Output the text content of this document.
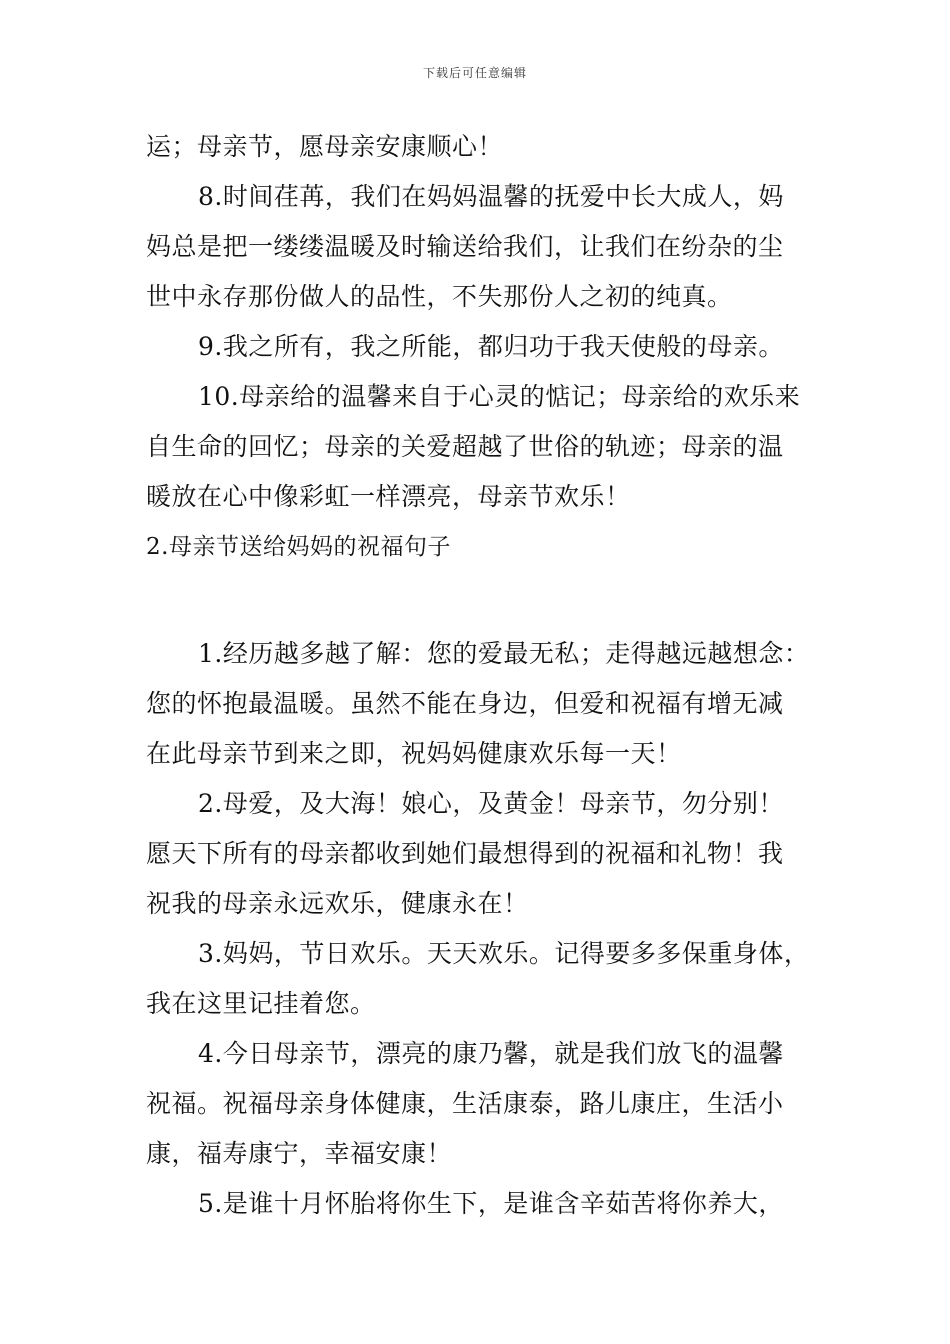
下载后可任意编辑
运；母亲节，愿母亲安康顺心！
8.时间荏苒，我们在妈妈温馨的抚爱中长大成人，妈
妈总是把一缕缕温暖及时输送给我们，让我们在纷杂的尘
世中永存那份做人的品性，不失那份人之初的纯真。
9.我之所有，我之所能，都归功于我天使般的母亲。
10.母亲给的温馨来自于心灵的惦记；母亲给的欢乐来
自生命的回忆；母亲的关爱超越了世俗的轨迹；母亲的温
暖放在心中像彩虹一样漂亮，母亲节欢乐！
2.母亲节送给妈妈的祝福句子
1.经历越多越了解：您的爱最无私；走得越远越想念：
您的怀抱最温暖。虽然不能在身边，但爱和祝福有增无减
在此母亲节到来之即，祝妈妈健康欢乐每一天！
2.母爱，及大海！娘心，及黄金！母亲节，勿分别！
愿天下所有的母亲都收到她们最想得到的祝福和礼物！我
祝我的母亲永远欢乐，健康永在！
3.妈妈，节日欢乐。天天欢乐。记得要多多保重身体，
我在这里记挂着您。
4.今日母亲节，漂亮的康乃馨，就是我们放飞的温馨
祝福。祝福母亲身体健康，生活康泰，路儿康庄，生活小
康，福寿康宁，幸福安康！
5.是谁十月怀胎将你生下，是谁含辛茹苦将你养大，
